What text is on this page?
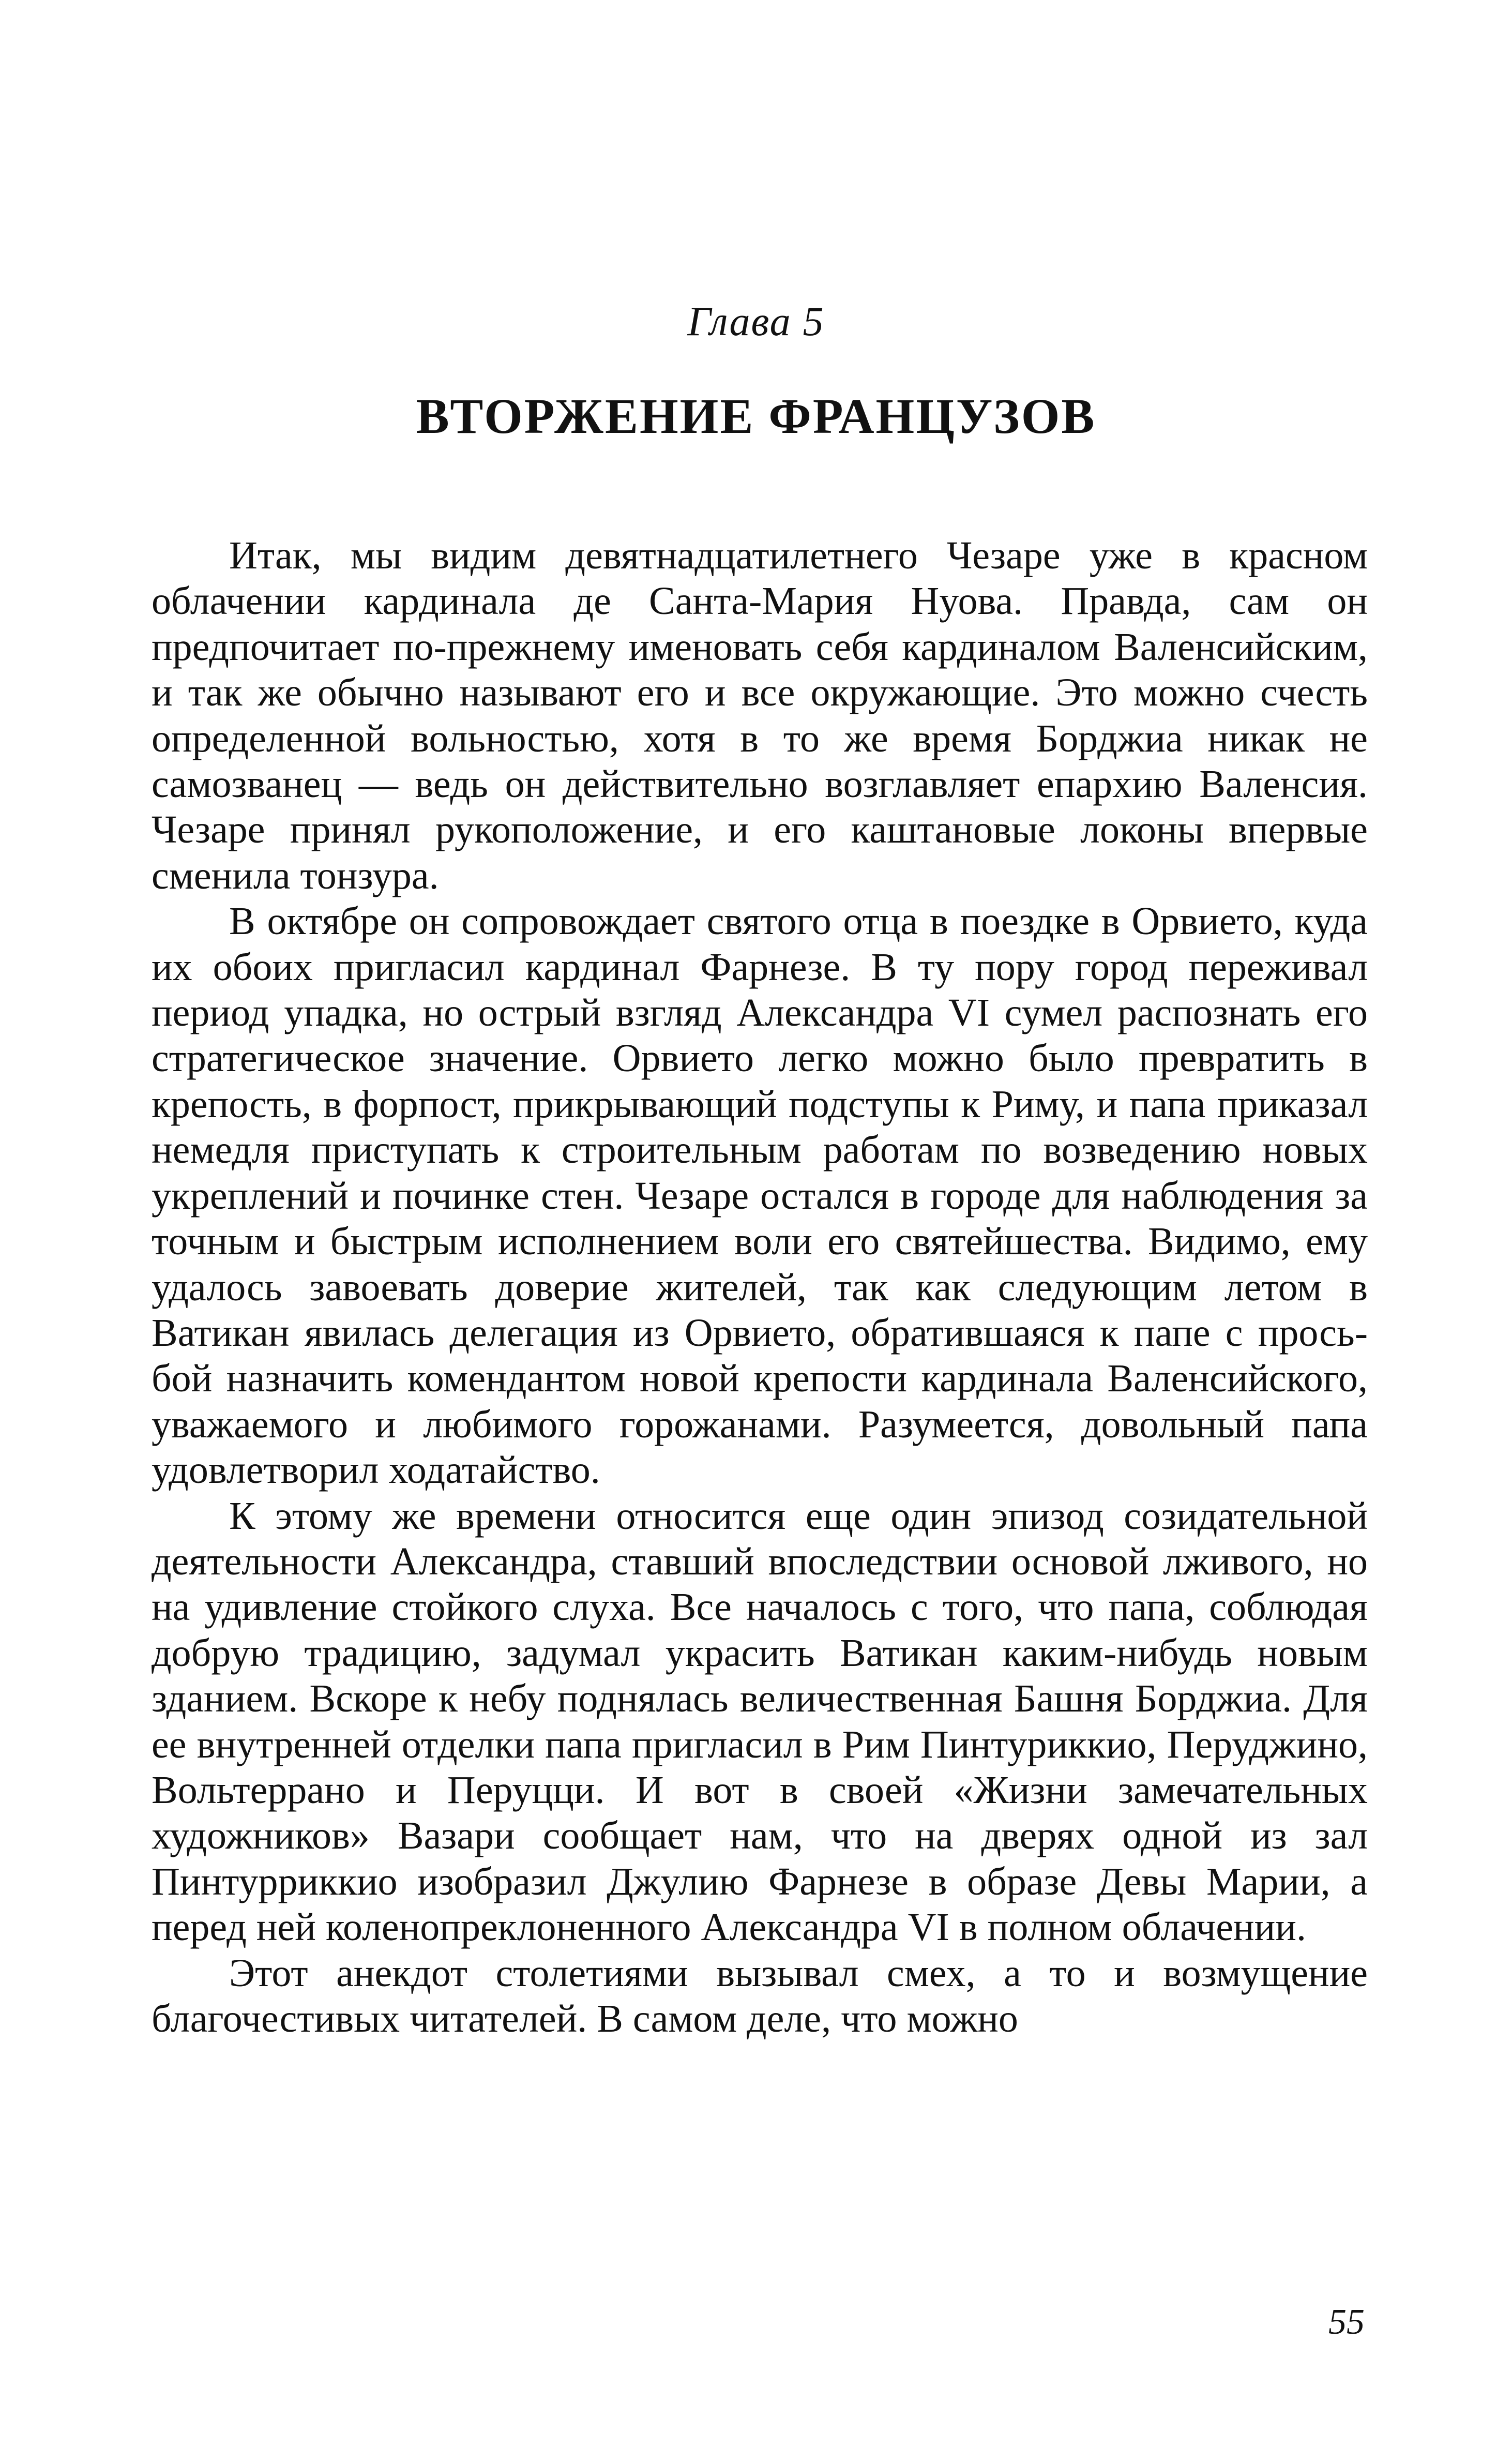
Глава 5
ВТОРЖЕНИЕ ФРАНЦУЗОВ

Итак, мы видим девятнадцатилетнего Чезаре уже в красном облачении кардинала де Санта-Мария Нуова. Правда, сам он предпочитает по-прежнему именовать себя кардиналом Валенсийским, и так же обычно называют его и все окружающие. Это можно счесть определенной вольностью, хотя в то же время Борджиа никак не самозванец — ведь он действительно возглавляет епархию Валенсия. Чезаре принял рукоположение, и его каштановые локоны впервые сменила тонзура.

В октябре он сопровождает святого отца в поездке в Орвието, куда их обоих пригласил кардинал Фарнезе. В ту пору город переживал период упадка, но острый взгляд Александра VI сумел распознать его стратегическое значение. Орвието легко можно было превратить в крепость, в форпост, прикрывающий подступы к Риму, и папа приказал немедля приступать к строительным работам по возведению новых укреплений и починке стен. Чезаре остался в городе для наблюдения за точным и быстрым исполнением воли его святейшества. Видимо, ему удалось завоевать доверие жителей, так как следующим летом в Ватикан явилась делегация из Орвието, обратившаяся к папе с просьбой назначить комендантом новой крепости кардинала Валенсийского, уважаемого и любимого горожанами. Разумеется, довольный папа удовлетворил ходатайство.

К этому же времени относится еще один эпизод созидательной деятельности Александра, ставший впоследствии основой лживого, но на удивление стойкого слуха. Все началось с того, что папа, соблюдая добрую традицию, задумал украсить Ватикан каким-нибудь новым зданием. Вскоре к небу поднялась величественная Башня Борджиа. Для ее внутренней отделки папа пригласил в Рим Пинтуриккио, Перуджино, Вольтеррано и Перуцци. И вот в своей «Жизни замечательных художников» Вазари сообщает нам, что на дверях одной из зал Пинтурриккио изобразил Джулию Фарнезе в образе Девы Марии, а перед ней коленопреклоненного Александра VI в полном облачении.

Этот анекдот столетиями вызывал смех, а то и возмущение благочестивых читателей. В самом деле, что можно

55
